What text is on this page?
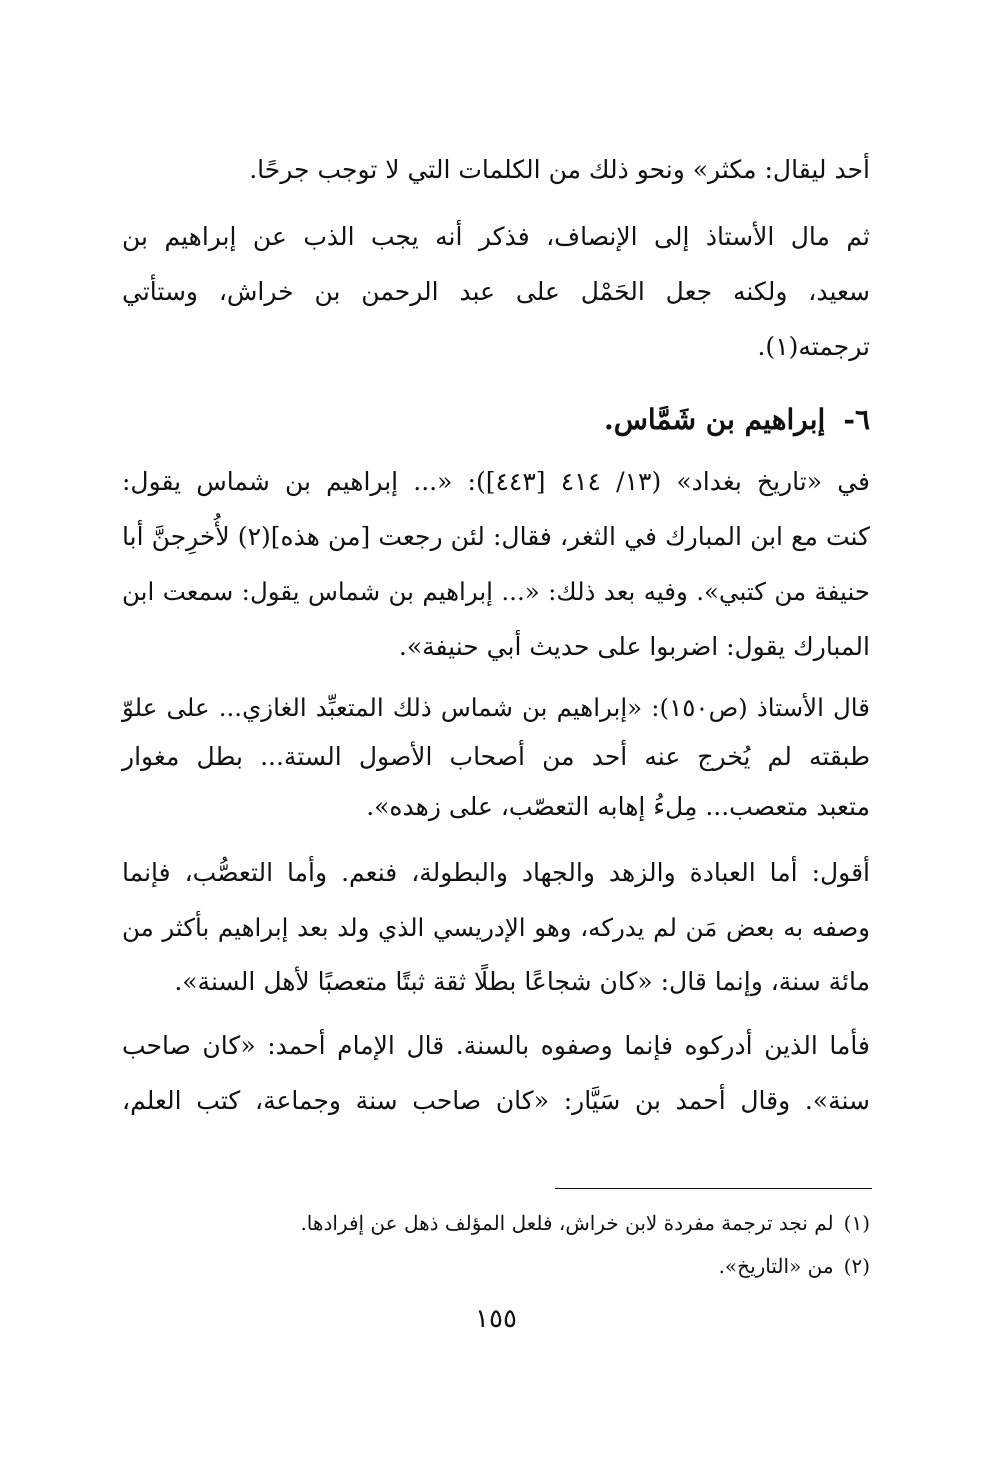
أحد ليقال: مكثر» ونحو ذلك من الكلمات التي لا توجب جرحًا.
ثم مال الأستاذ إلى الإنصاف، فذكر أنه يجب الذب عن إبراهيم بن
سعيد، ولكنه جعل الحَمْل على عبد الرحمن بن خراش، وستأتي
ترجمته(١).
٦-إبراهيم بن شَمَّاس.
في «تاريخ بغداد» (١٣/ ٤١٤ [٤٤٣]): «... إبراهيم بن شماس يقول:
كنت مع ابن المبارك في الثغر، فقال: لئن رجعت [من هذه](٢) لأُخرِجنَّ أبا
حنيفة من كتبي». وفيه بعد ذلك: «... إبراهيم بن شماس يقول: سمعت ابن
المبارك يقول: اضربوا على حديث أبي حنيفة».
قال الأستاذ (ص١٥٠): «إبراهيم بن شماس ذلك المتعبِّد الغازي... على علوّ
طبقته لم يُخرج عنه أحد من أصحاب الأصول الستة... بطل مغوار
متعبد متعصب... مِلءُ إهابه التعصّب، على زهده».
أقول: أما العبادة والزهد والجهاد والبطولة، فنعم. وأما التعصُّب، فإنما
وصفه به بعض مَن لم يدركه، وهو الإدريسي الذي ولد بعد إبراهيم بأكثر من
مائة سنة، وإنما قال: «كان شجاعًا بطلًا ثقة ثبتًا متعصبًا لأهل السنة».
فأما الذين أدركوه فإنما وصفوه بالسنة. قال الإمام أحمد: «كان صاحب
سنة». وقال أحمد بن سَيَّار: «كان صاحب سنة وجماعة، كتب العلم،
(١)لم نجد ترجمة مفردة لابن خراش، فلعل المؤلف ذهل عن إفرادها.
(٢)من «التاريخ».
١٥٥
